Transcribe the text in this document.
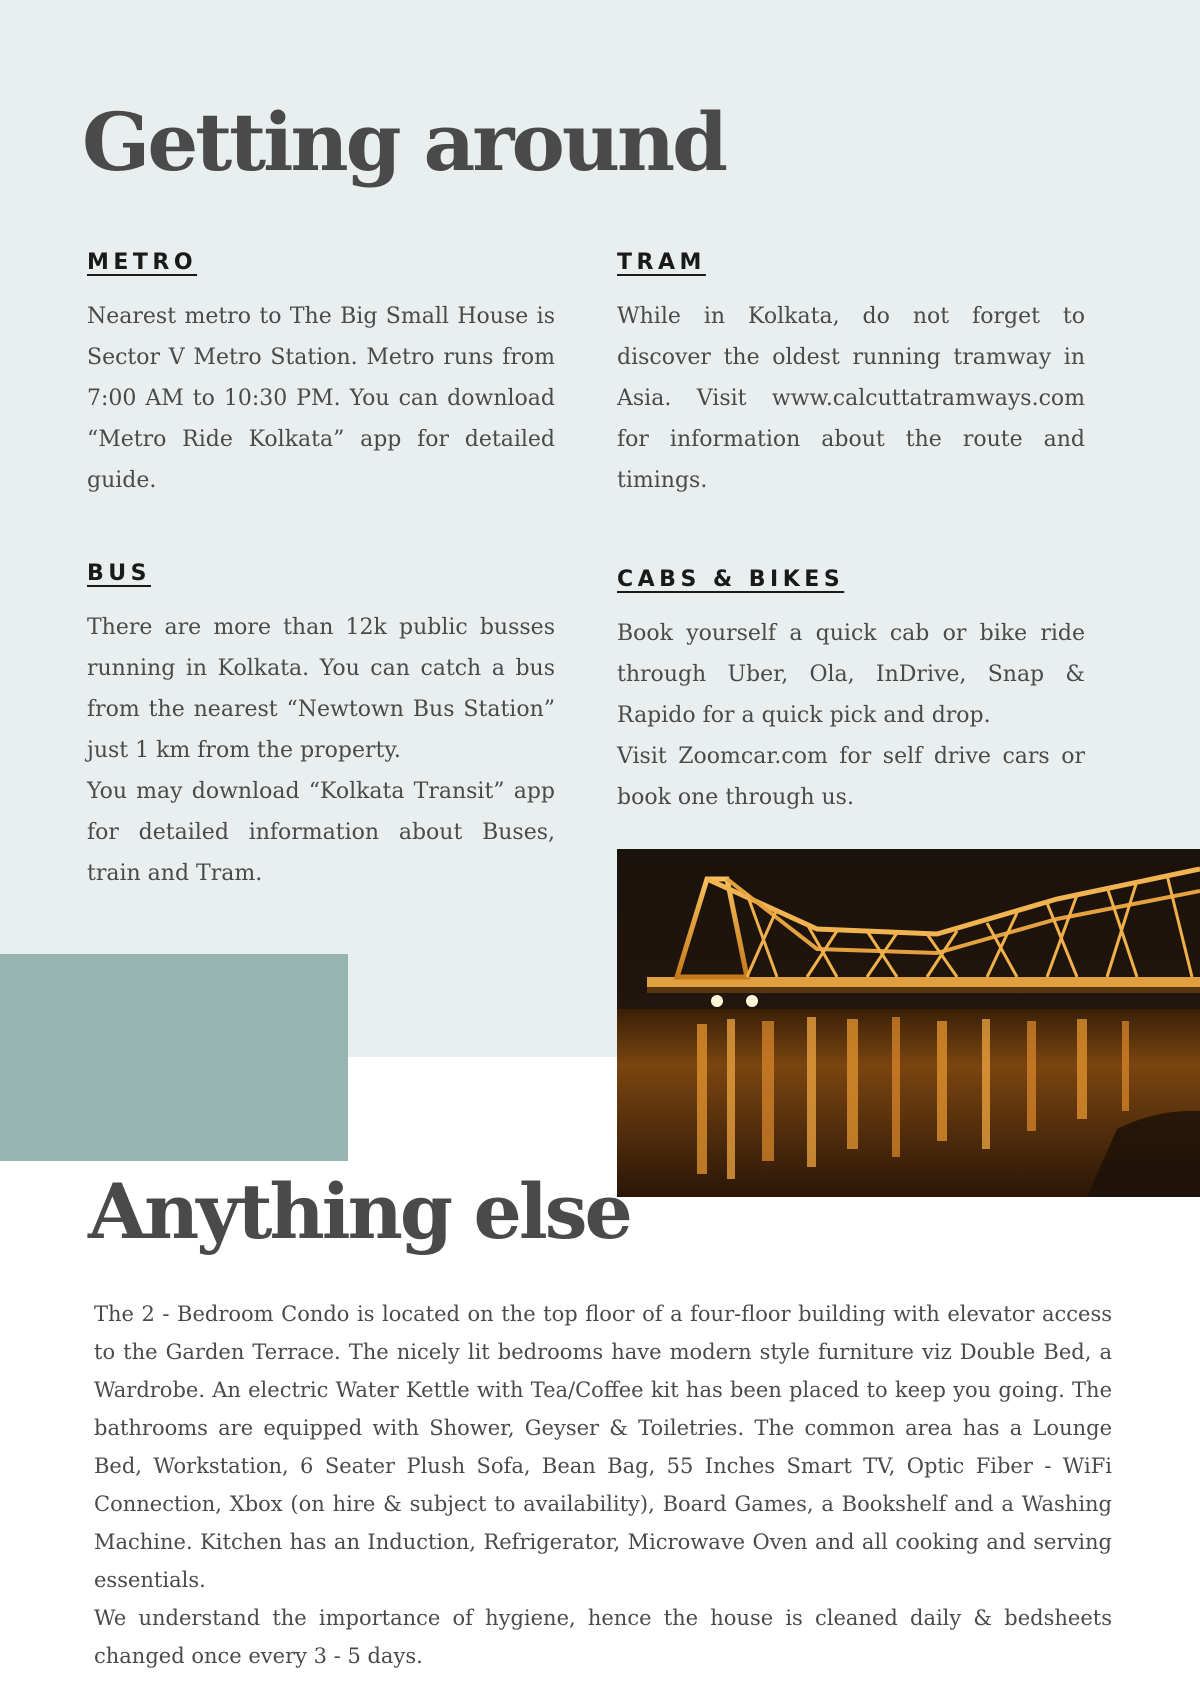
Getting around
METRO

Nearest metro to The Big Small House is Sector V Metro Station. Metro runs from 7:00 AM to 10:30 PM. You can download “Metro Ride Kolkata” app for detailed guide.

TRAM

While in Kolkata, do not forget to discover the oldest running tramway in Asia. Visit www.calcuttatramways.com for information about the route and timings.

BUS

There are more than 12k public busses running in Kolkata. You can catch a bus from the nearest “Newtown Bus Station” just 1 km from the property.

You may download “Kolkata Transit” app for detailed information about Buses, train and Tram.

CABS & BIKES

Book yourself a quick cab or bike ride through Uber, Ola, InDrive, Snap & Rapido for a quick pick and drop.

Visit Zoomcar.com for self drive cars or book one through us.

Anything else

The 2 - Bedroom Condo is located on the top floor of a four-floor building with elevator access to the Garden Terrace. The nicely lit bedrooms have modern style furniture viz Double Bed, a Wardrobe. An electric Water Kettle with Tea/Coffee kit has been placed to keep you going. The bathrooms are equipped with Shower, Geyser & Toiletries. The common area has a Lounge Bed, Workstation, 6 Seater Plush Sofa, Bean Bag, 55 Inches Smart TV, Optic Fiber - WiFi Connection, Xbox (on hire & subject to availability), Board Games, a Bookshelf and a Washing Machine. Kitchen has an Induction, Refrigerator, Microwave Oven and all cooking and serving essentials.

We understand the importance of hygiene, hence the house is cleaned daily & bedsheets changed once every 3 - 5 days.
